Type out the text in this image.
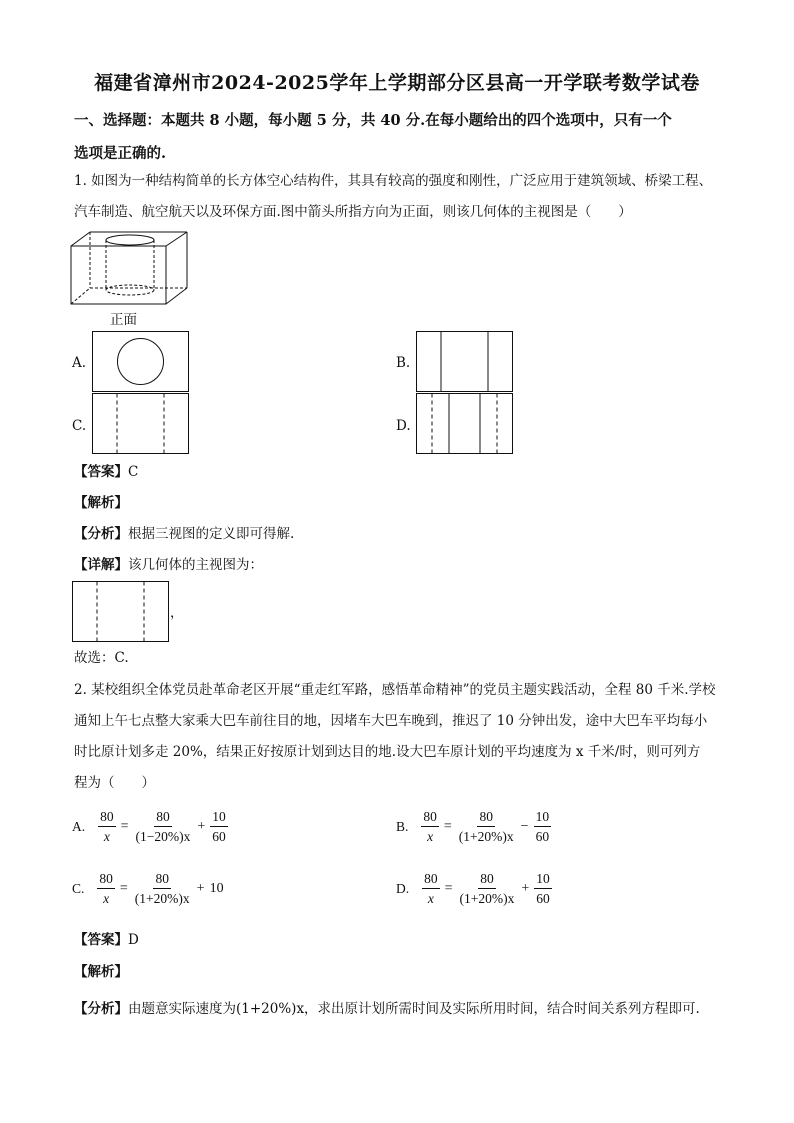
福建省漳州市2024-2025学年上学期部分区县高一开学联考数学试卷
一、选择题：本题共 8 小题，每小题 5 分，共 40 分.在每小题给出的四个选项中，只有一个
选项是正确的.
1. 如图为一种结构简单的长方体空心结构件，其具有较高的强度和刚性，广泛应用于建筑领域、桥梁工程、
汽车制造、航空航天以及环保方面.图中箭头所指方向为正面，则该几何体的主视图是（　　）
正面
A.	B.
C.	D.
【答案】C
【解析】
【分析】根据三视图的定义即可得解.
【详解】该几何体的主视图为：
，
故选：C.
2. 某校组织全体党员赴革命老区开展“重走红军路，感悟革命精神”的党员主题实践活动，全程 80 千米.学校
通知上午七点整大家乘大巴车前往目的地，因堵车大巴车晚到，推迟了 10 分钟出发，途中大巴车平均每小
时比原计划多走 20%，结果正好按原计划到达目的地.设大巴车原计划的平均速度为 x 千米/时，则可列方
程为（　　）
A. $\frac{80}{x} = \frac{80}{(1-20\%)x} + \frac{10}{60}$	B. $\frac{80}{x} = \frac{80}{(1+20\%)x} - \frac{10}{60}$
C. $\frac{80}{x} = \frac{80}{(1+20\%)x} + 10$	D. $\frac{80}{x} = \frac{80}{(1+20\%)x} + \frac{10}{60}$
【答案】D
【解析】
【分析】由题意实际速度为(1+20%)x，求出原计划所需时间及实际所用时间，结合时间关系列方程即可.
